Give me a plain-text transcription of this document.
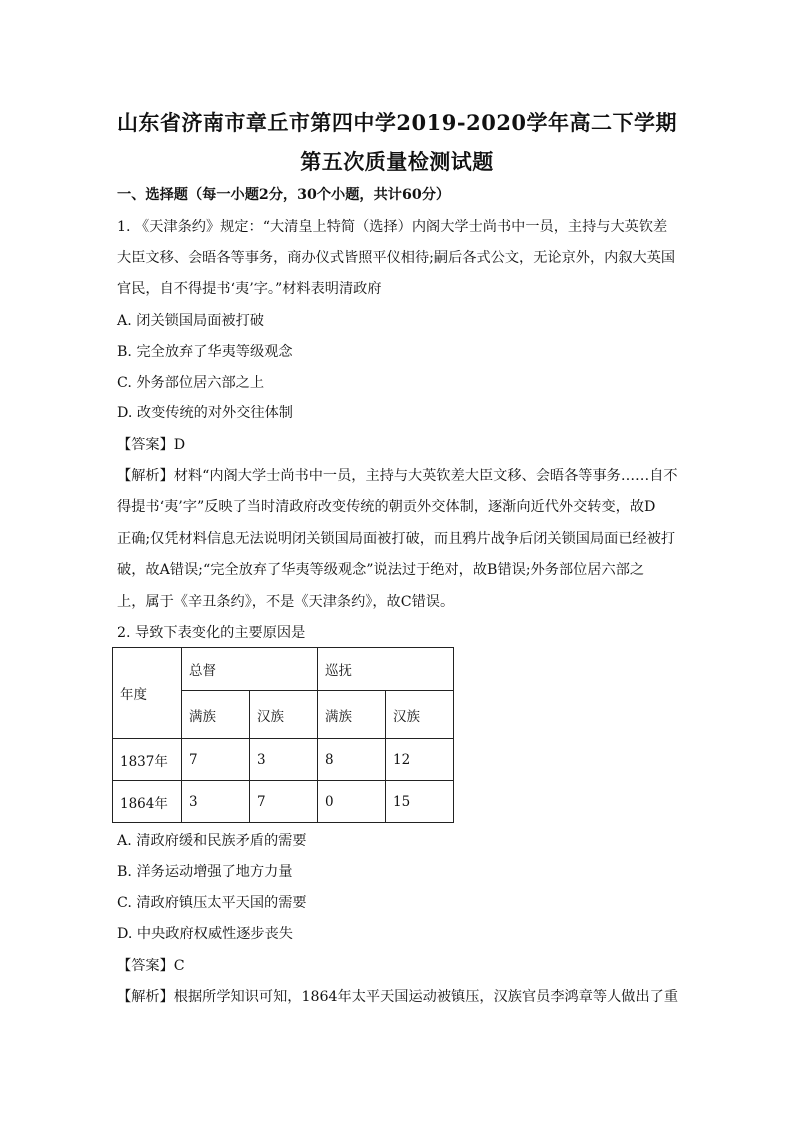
山东省济南市章丘市第四中学2019-2020学年高二下学期
第五次质量检测试题
一、选择题（每一小题2分，30个小题，共计60分）
1. 《天津条约》规定：“大清皇上特简（选择）内阁大学士尚书中一员，主持与大英钦差
大臣文移、会晤各等事务，商办仪式皆照平仪相待;嗣后各式公文，无论京外，内叙大英国
官民，自不得提书‘夷’字。”材料表明清政府
A. 闭关锁国局面被打破
B. 完全放弃了华夷等级观念
C. 外务部位居六部之上
D. 改变传统的对外交往体制
【答案】D
【解析】材料“内阁大学士尚书中一员，主持与大英钦差大臣文移、会晤各等事务……自不
得提书‘夷’字”反映了当时清政府改变传统的朝贡外交体制，逐渐向近代外交转变，故D
正确;仅凭材料信息无法说明闭关锁国局面被打破，而且鸦片战争后闭关锁国局面已经被打
破，故A错误;“完全放弃了华夷等级观念”说法过于绝对，故B错误;外务部位居六部之
上，属于《辛丑条约》，不是《天津条约》，故C错误。
2. 导致下表变化的主要原因是
年度	总督		巡抚	
	满族	汉族	满族	汉族
1837年	7	3	8	12
1864年	3	7	0	15
A. 清政府缓和民族矛盾的需要
B. 洋务运动增强了地方力量
C. 清政府镇压太平天国的需要
D. 中央政府权威性逐步丧失
【答案】C
【解析】根据所学知识可知，1864年太平天国运动被镇压，汉族官员李鸿章等人做出了重
